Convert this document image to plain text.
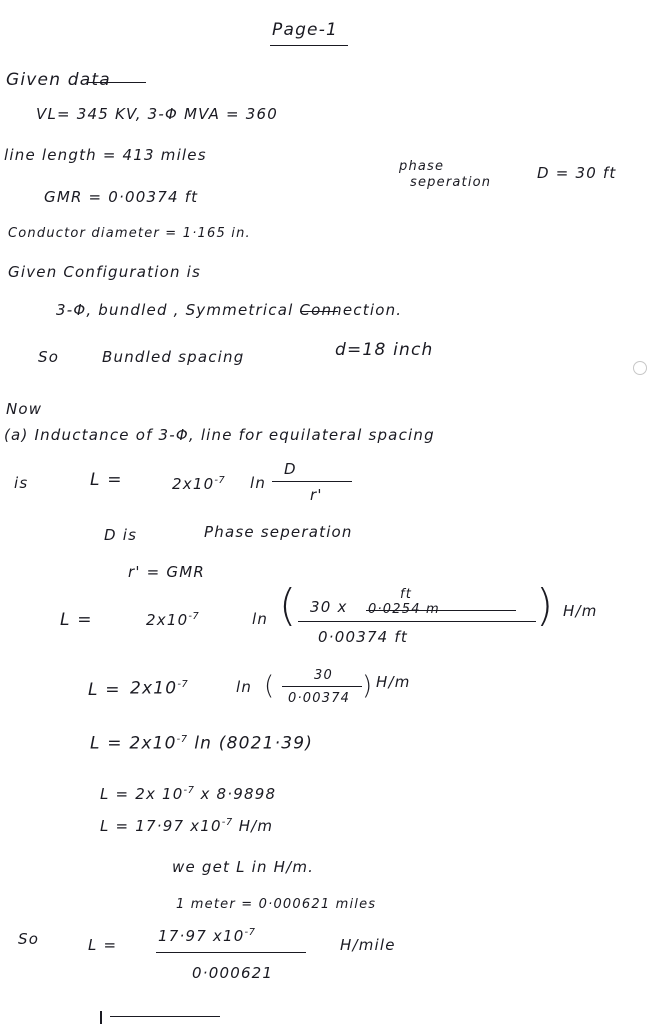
Page-1
Given data
VL= 345 KV, 3-Φ MVA = 360
line length = 413 miles
phase
seperation
D = 30 ft
GMR = 0·00374 ft
Conductor diameter = 1·165 in.
Given Configuration is
3-Φ, bundled , Symmetrical Connection.
So	Bundled spacing	d=18 inch
Now
(a) Inductance of 3-Φ, line for equilateral spacing
is	L =	$2x10^{-7}$ ln
D
r'
D is	Phase seperation
r' = GMR
L =	$2x10^{-7}$	ln ( 30 x 0·0254 m
ft
0·00374 ft
) H/m
$L = 2x10^{-7}$	ln (	30
0·00374 ) H/m
$L = 2x10^{-7}$ ln (8021·39)
L = 2x $10^{-7}$ x 8·9898
L = 17·97 $x10^{-7}$ H/m
we get L in H/m.
1 meter = 0·000621 miles
So	L =	17·97 $x10^{-7}$
0·000621
H/mile
